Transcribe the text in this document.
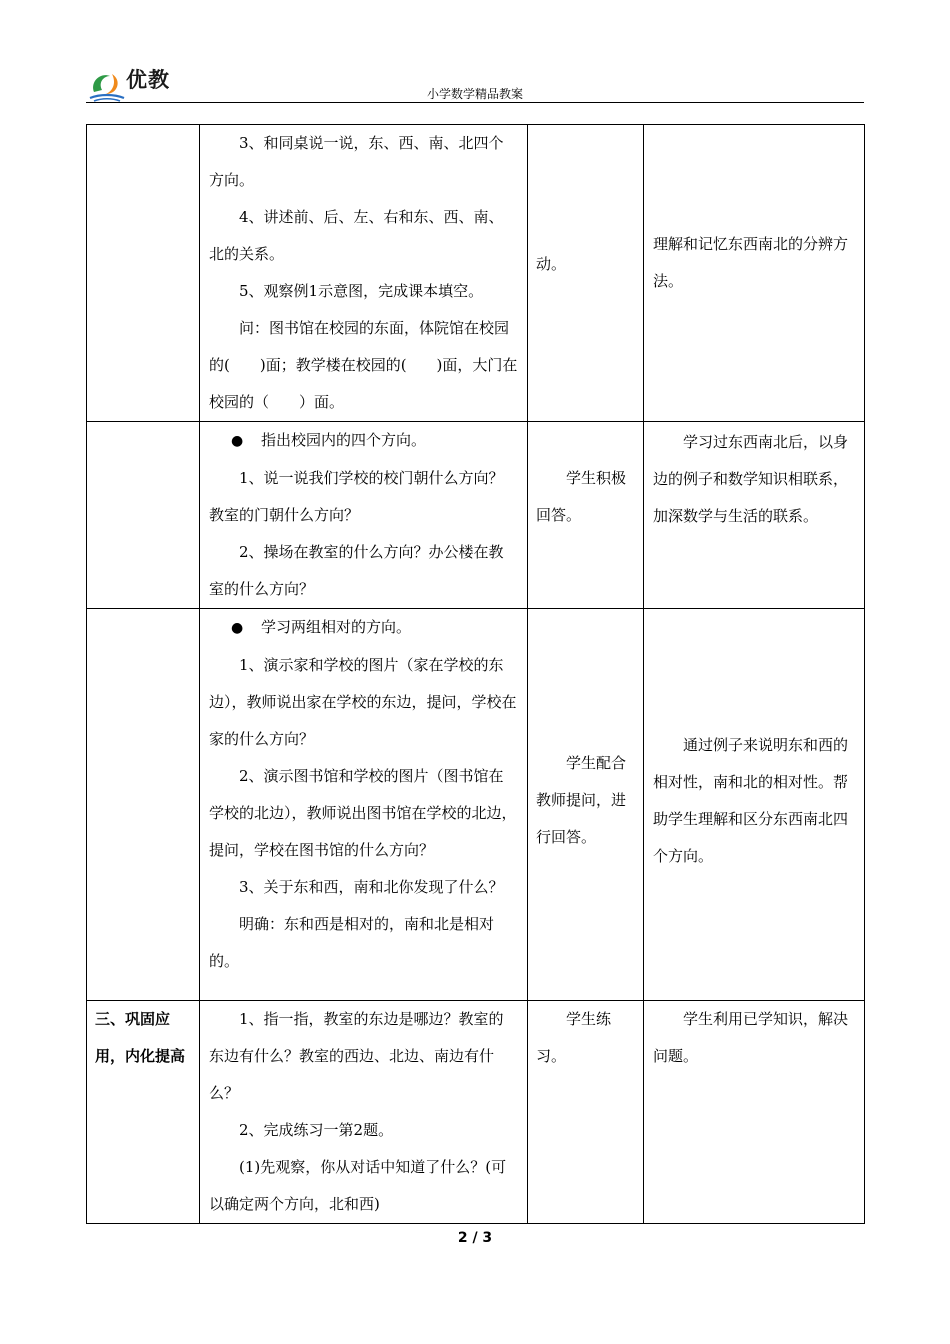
优教
小学数学精品教案

	3、和同桌说一说，东、西、南、北四个方向。

4、讲述前、后、左、右和东、西、南、北的关系。

5、观察例1示意图，完成课本填空。

问：图书馆在校园的东面，体院馆在校园的(　　)面；教学楼在校园的(　　)面，大门在校园的（　　）面。	动。	理解和记忆东西南北的分辨方法。

	● 指出校园内的四个方向。

1、说一说我们学校的校门朝什么方向？教室的门朝什么方向？

2、操场在教室的什么方向？办公楼在教室的什么方向？	学生积极回答。	学习过东西南北后，以身边的例子和数学知识相联系，加深数学与生活的联系。

	● 学习两组相对的方向。

1、演示家和学校的图片（家在学校的东边），教师说出家在学校的东边，提问，学校在家的什么方向？

2、演示图书馆和学校的图片（图书馆在学校的北边），教师说出图书馆在学校的北边，提问，学校在图书馆的什么方向？

3、关于东和西，南和北你发现了什么？

明确：东和西是相对的，南和北是相对的。	学生配合教师提问，进行回答。	通过例子来说明东和西的相对性，南和北的相对性。帮助学生理解和区分东西南北四个方向。

三、巩固应用，内化提高	1、指一指，教室的东边是哪边？教室的东边有什么？教室的西边、北边、南边有什么？

2、完成练习一第2题。

(1)先观察，你从对话中知道了什么？(可以确定两个方向，北和西)	学生练习。	学生利用已学知识，解决问题。

2 / 3
